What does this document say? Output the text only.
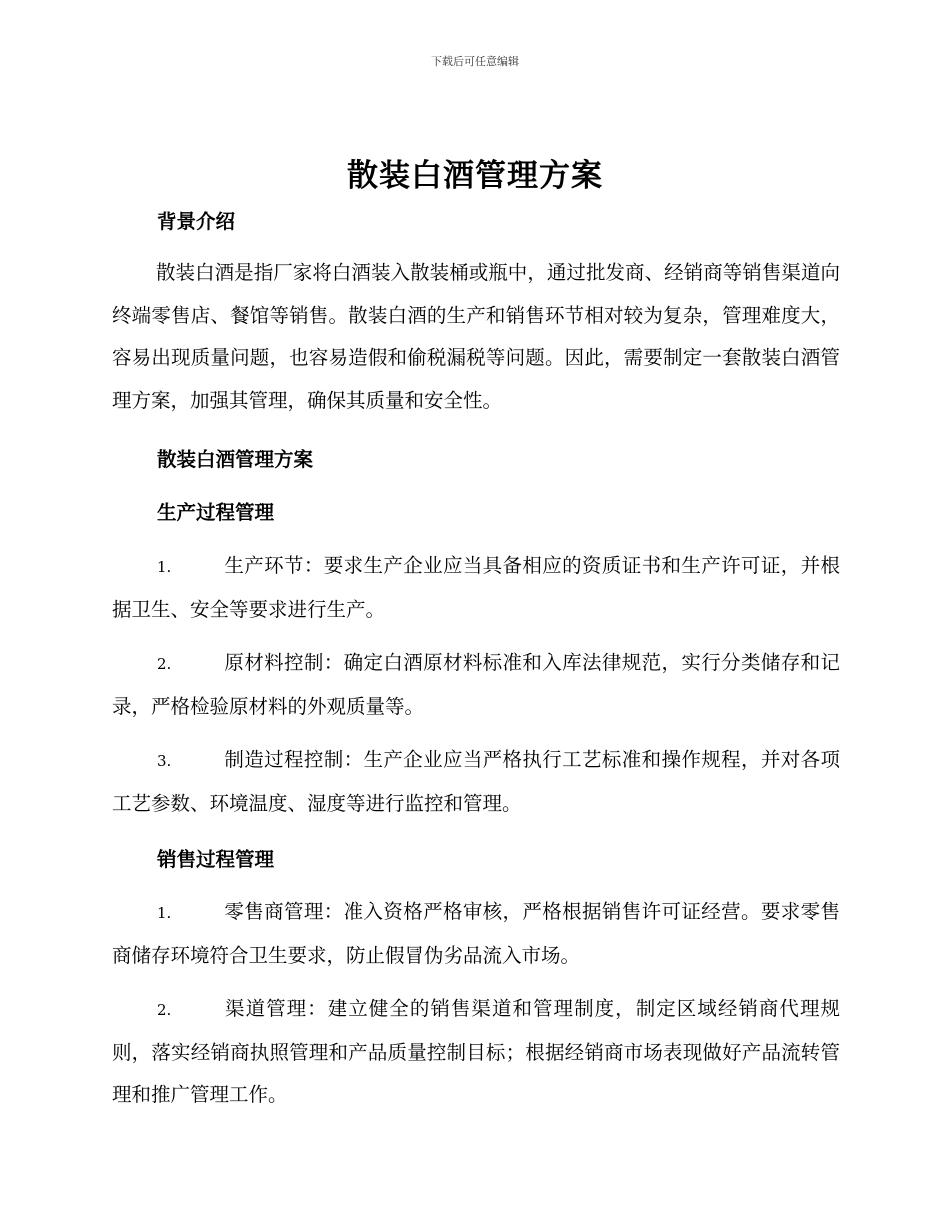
下载后可任意编辑
散装白酒管理方案
背景介绍
散装白酒是指厂家将白酒装入散装桶或瓶中，通过批发商、经销商等销售渠道向终端零售店、餐馆等销售。散装白酒的生产和销售环节相对较为复杂，管理难度大，容易出现质量问题，也容易造假和偷税漏税等问题。因此，需要制定一套散装白酒管理方案，加强其管理，确保其质量和安全性。
散装白酒管理方案
生产过程管理
1.	生产环节：要求生产企业应当具备相应的资质证书和生产许可证，并根据卫生、安全等要求进行生产。
2.	原材料控制：确定白酒原材料标准和入库法律规范，实行分类储存和记录，严格检验原材料的外观质量等。
3.	制造过程控制：生产企业应当严格执行工艺标准和操作规程，并对各项工艺参数、环境温度、湿度等进行监控和管理。
销售过程管理
1.	零售商管理：准入资格严格审核，严格根据销售许可证经营。要求零售商储存环境符合卫生要求，防止假冒伪劣品流入市场。
2.	渠道管理：建立健全的销售渠道和管理制度，制定区域经销商代理规则，落实经销商执照管理和产品质量控制目标；根据经销商市场表现做好产品流转管理和推广管理工作。
